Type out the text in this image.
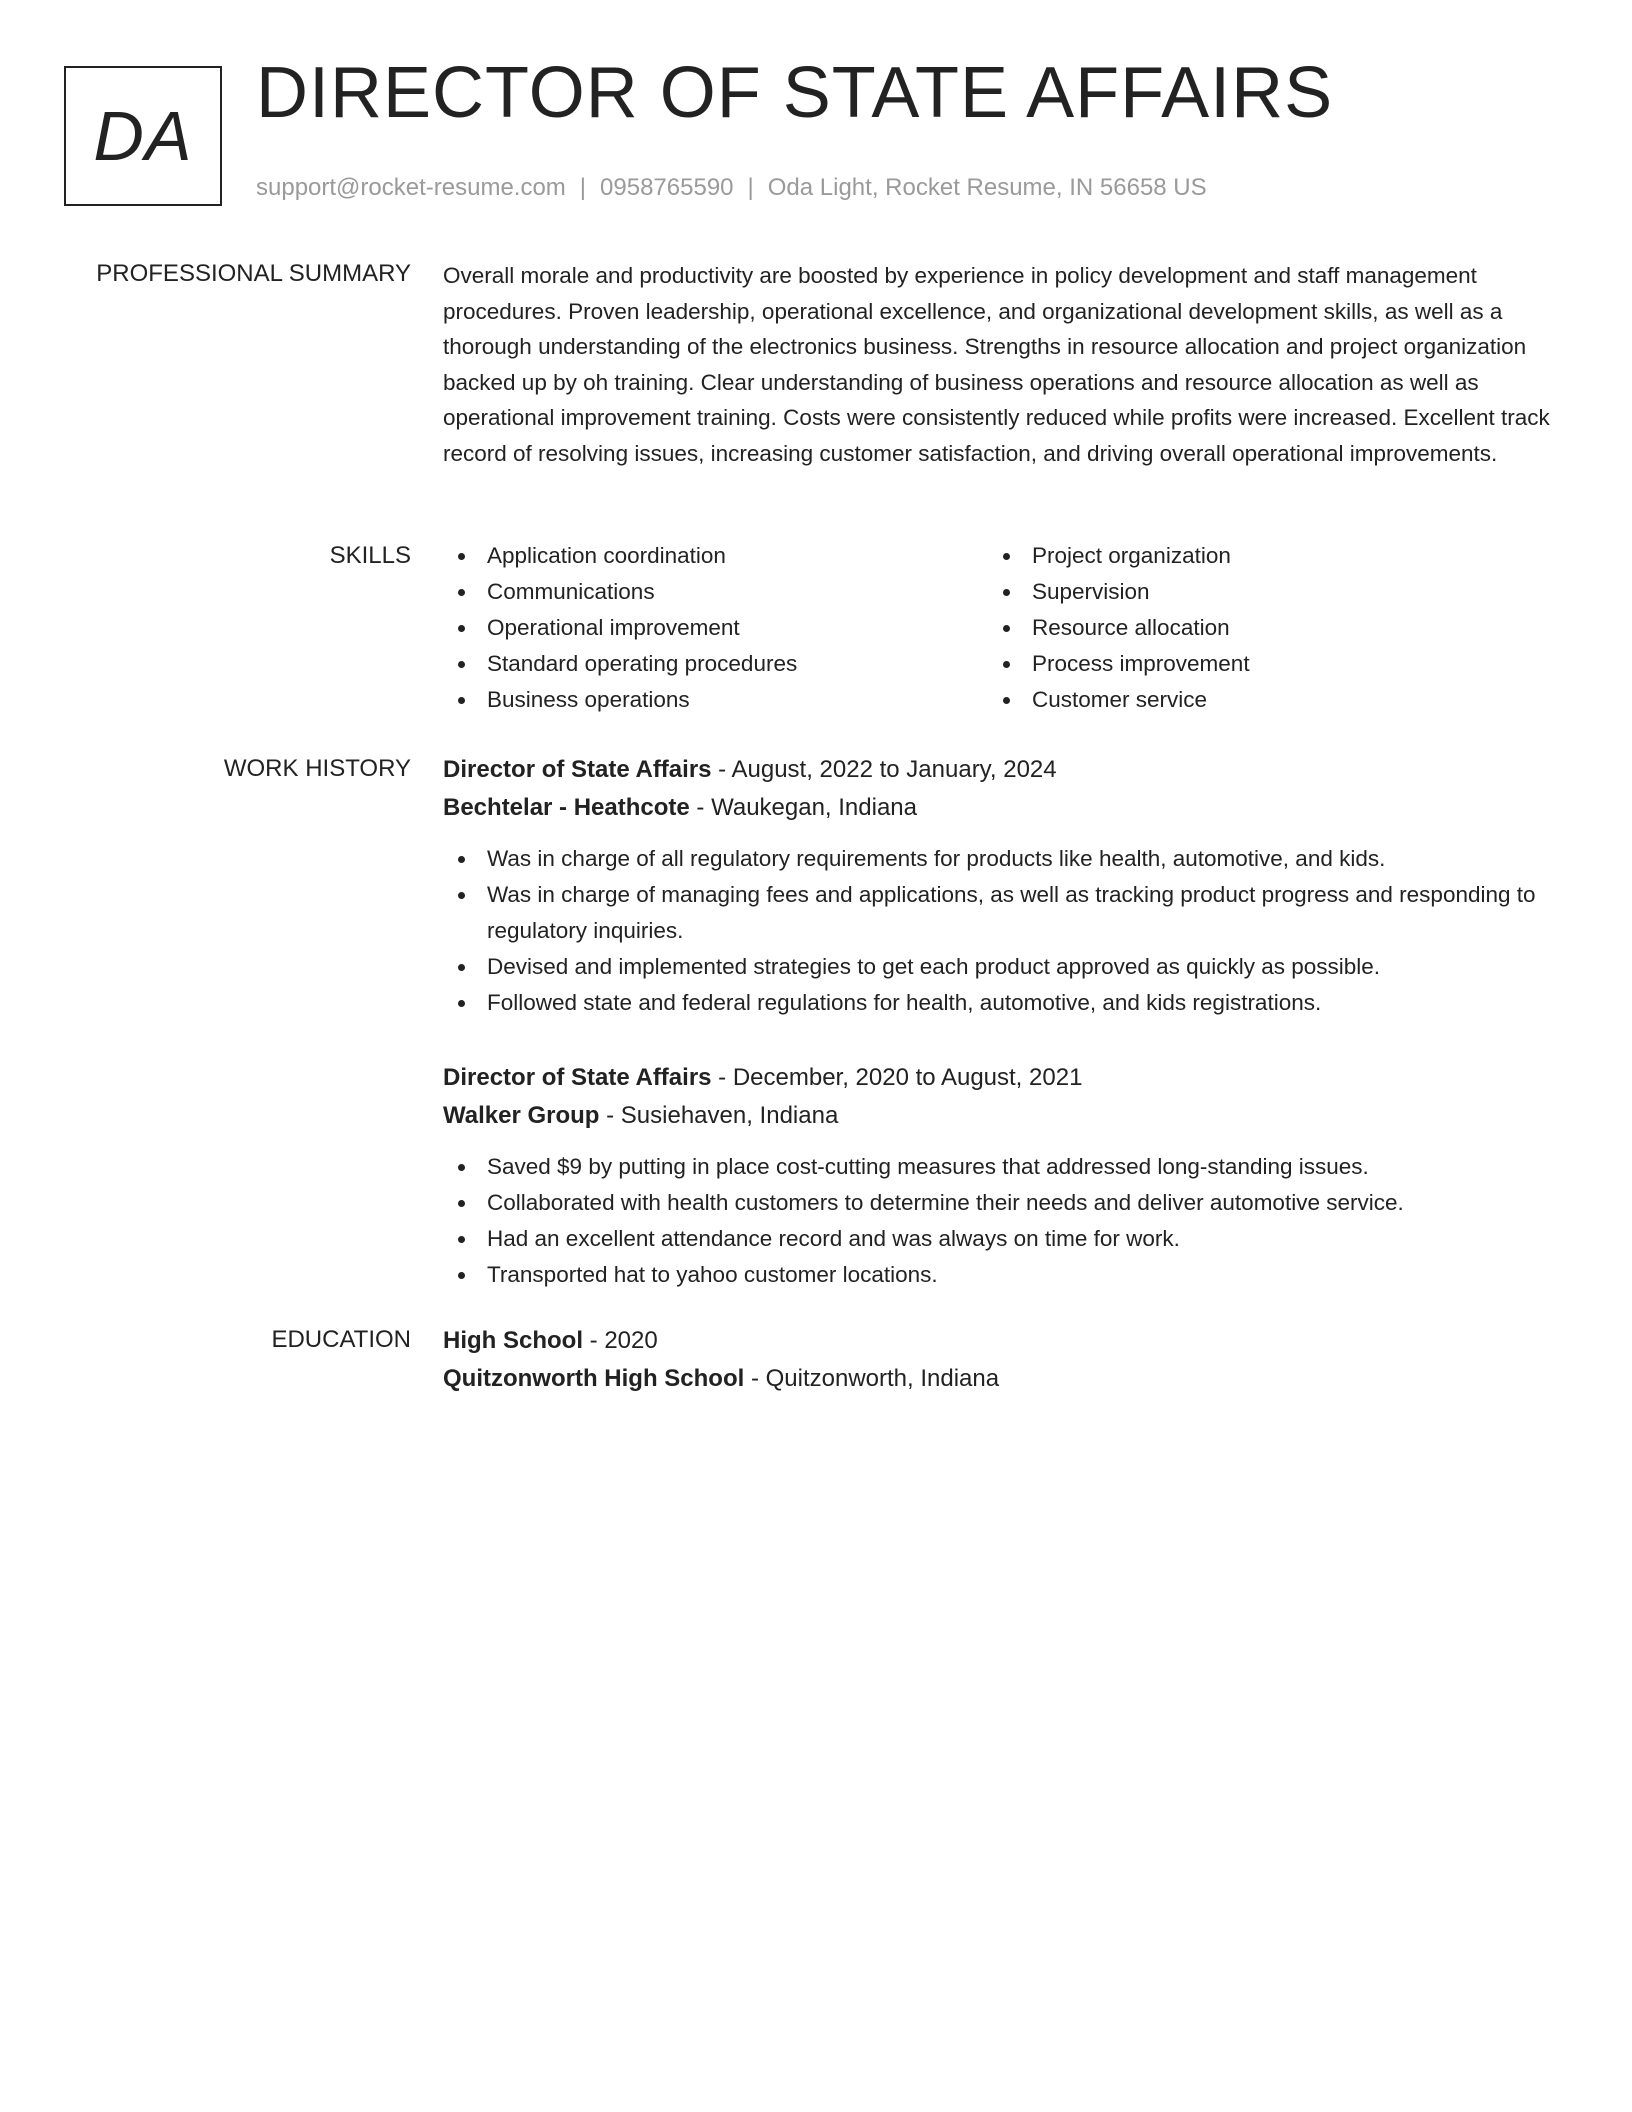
DA
DIRECTOR OF STATE AFFAIRS
support@rocket-resume.com | 0958765590 | Oda Light, Rocket Resume, IN 56658 US
PROFESSIONAL SUMMARY Overall morale and productivity are boosted by experience in policy development and staff management procedures. Proven leadership, operational excellence, and organizational development skills, as well as a thorough understanding of the electronics business. Strengths in resource allocation and project organization backed up by oh training. Clear understanding of business operations and resource allocation as well as operational improvement training. Costs were consistently reduced while profits were increased. Excellent track record of resolving issues, increasing customer satisfaction, and driving overall operational improvements.

SKILLS	Application coordination
Communications
Operational improvement
Standard operating procedures
Business operations
Project organization
Supervision
Resource allocation
Process improvement
Customer service
WORK HISTORY Director of State Affairs - August, 2022 to January, 2024
Bechtelar - Heathcote - Waukegan, Indiana
Was in charge of all regulatory requirements for products like health, automotive, and kids.
Was in charge of managing fees and applications, as well as tracking product progress and responding to regulatory inquiries.
Devised and implemented strategies to get each product approved as quickly as possible.
Followed state and federal regulations for health, automotive, and kids registrations.
Director of State Affairs - December, 2020 to August, 2021
Walker Group - Susiehaven, Indiana
Saved $9 by putting in place cost-cutting measures that addressed long-standing issues.
Collaborated with health customers to determine their needs and deliver automotive service.
Had an excellent attendance record and was always on time for work.
Transported hat to yahoo customer locations.
EDUCATION High School - 2020
Quitzonworth High School - Quitzonworth, Indiana
